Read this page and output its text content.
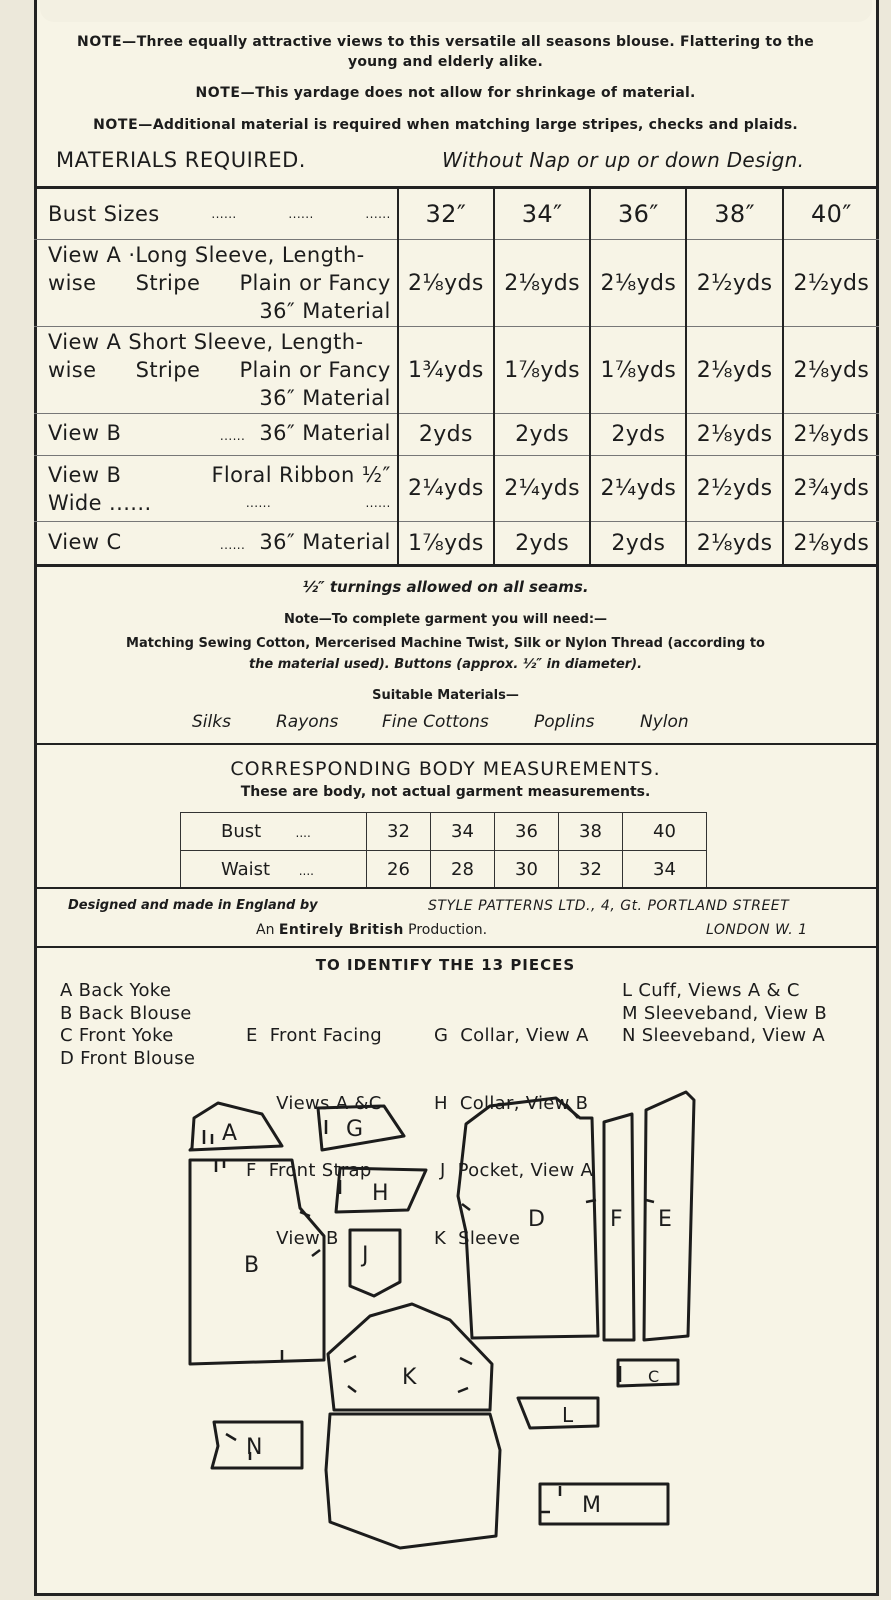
NOTE—Three equally attractive views to this versatile all seasons blouse. Flattering to the
young and elderly alike.
NOTE—This yardage does not allow for shrinkage of material.
NOTE—Additional material is required when matching large stripes, checks and plaids.
MATERIALS REQUIRED.	Without Nap or up or down Design.
Bust Sizes ...... ...... ......	32″	34″	36″	38″	40″

View A ·Long Sleeve, Length-
wise Stripe Plain or Fancy
36″ Material	2⅛yds	2⅛yds	2⅛yds	2½yds	2½yds

View A Short Sleeve, Length-
wise Stripe Plain or Fancy
36″ Material	1¾yds	1⅞yds	1⅞yds	2⅛yds	2⅛yds

View B ...... 36″ Material	2yds	2yds	2yds	2⅛yds	2⅛yds

View B Floral Ribbon ½″
Wide ...... ...... ......	2¼yds	2¼yds	2¼yds	2½yds	2¾yds

View C ...... 36″ Material	1⅞yds	2yds	2yds	2⅛yds	2⅛yds
½″ turnings allowed on all seams.
Note—To complete garment you will need:—
Matching Sewing Cotton, Mercerised Machine Twist, Silk or Nylon Thread (according to
the material used). Buttons (approx. ½″ in diameter).
Suitable Materials—
Silks	Rayons	Fine Cottons	Poplins	Nylon
CORRESPONDING BODY MEASUREMENTS.
These are body, not actual garment measurements.
Bust ....	32	34	36	38	40
Waist ....	26	28	30	32	34
Designed and made in England by	STYLE PATTERNS LTD., 4, Gt. PORTLAND STREET
An Entirely British Production.	LONDON W. 1
TO IDENTIFY THE 13 PIECES
A Back Yoke
B Back Blouse
C Front Yoke
D Front Blouse

E  Front Facing

Views A &C

F  Front Strap

View B

G  Collar, View A

H  Collar, View B

J  Pocket, View A

K  Sleeve

L Cuff, Views A & C
M Sleeveband, View B
N Sleeveband, View A
A
B
C
D	E
F
G
H
J
K
L
M
N
